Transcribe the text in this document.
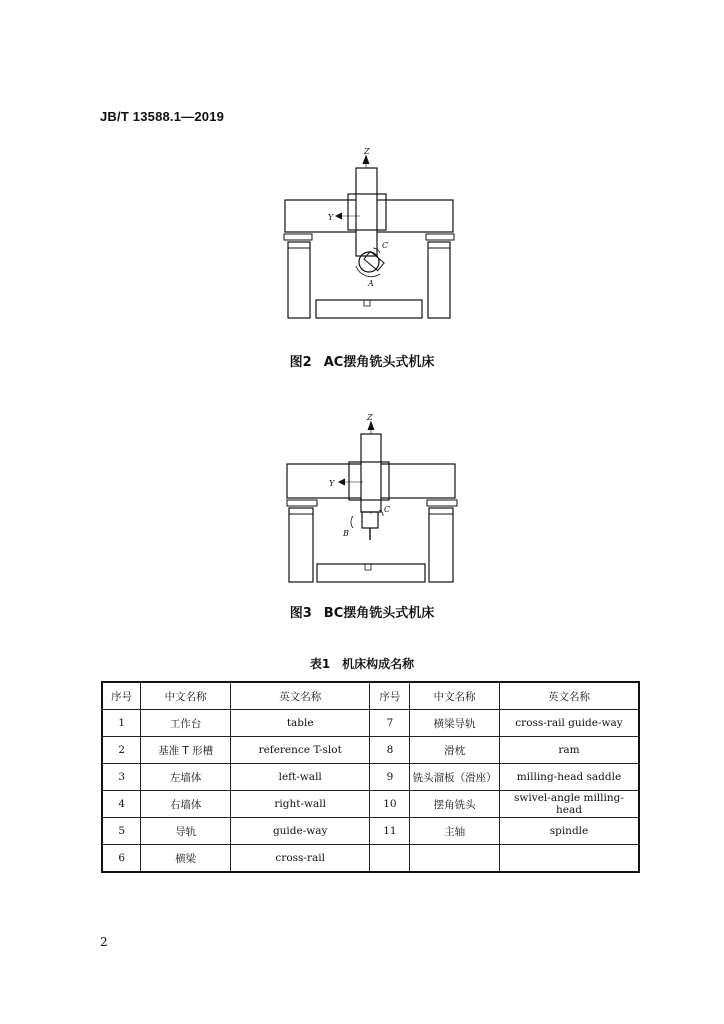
JB/T 13588.1—2019
Z
Y
C
A
图2 AC摆角铣头式机床
Z
Y
C
B
图3 BC摆角铣头式机床
表1 机床构成名称
序号	中文名称	英文名称	序号	中文名称	英文名称
1	工作台	table	7	横梁导轨	cross-rail guide-way
2	基准 T 形槽	reference T-slot	8	滑枕	ram
3	左墙体	left-wall	9	铣头溜板（滑座）	milling-head saddle
4	右墙体	right-wall	10	摆角铣头	swivel-angle milling-head
5	导轨	guide-way	11	主轴	spindle
6	横梁	cross-rail			
2
